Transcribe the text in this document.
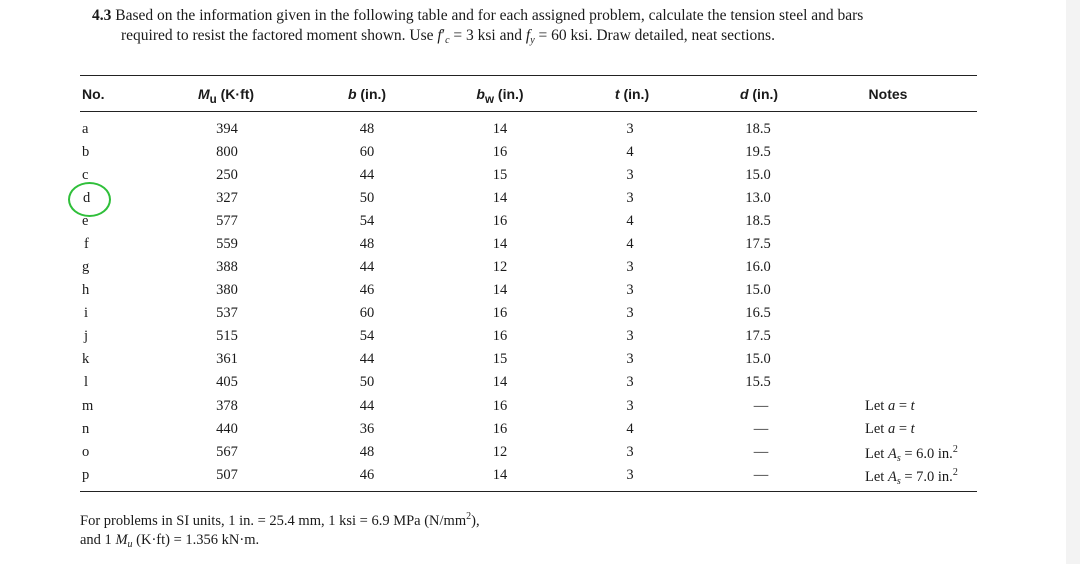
4.3 Based on the information given in the following table and for each assigned problem, calculate the tension steel and bars
required to resist the factored moment shown. Use $f'_c = 3$ ksi and $f_y = 60$ ksi. Draw detailed, neat sections.
No.	$M_u$ (K·ft)	b (in.)	$b_w$ (in.)	t (in.)	d (in.)	Notes
a	394	48	14	3	18.5
b	800	60	16	4	19.5
c	250	44	15	3	15.0
d	327	50	14	3	13.0
e	577	54	16	4	18.5
f	559	48	14	4	17.5
g	388	44	12	3	16.0
h	380	46	14	3	15.0
i	537	60	16	3	16.5
j	515	54	16	3	17.5
k	361	44	15	3	15.0
l	405	50	14	3	15.5
m	378	44	16	3	—	Let a = t
n	440	36	16	4	—	Let a = t
o	567	48	12	3	—	Let $A_s = 6.0$ in.$^2$
p	507	46	14	3	—	Let $A_s = 7.0$ in.$^2$
For problems in SI units, 1 in. = 25.4 mm, 1 ksi = 6.9 MPa $(N/mm^2)$,
and 1 $M_u$ (K·ft) = 1.356 kN·m.
